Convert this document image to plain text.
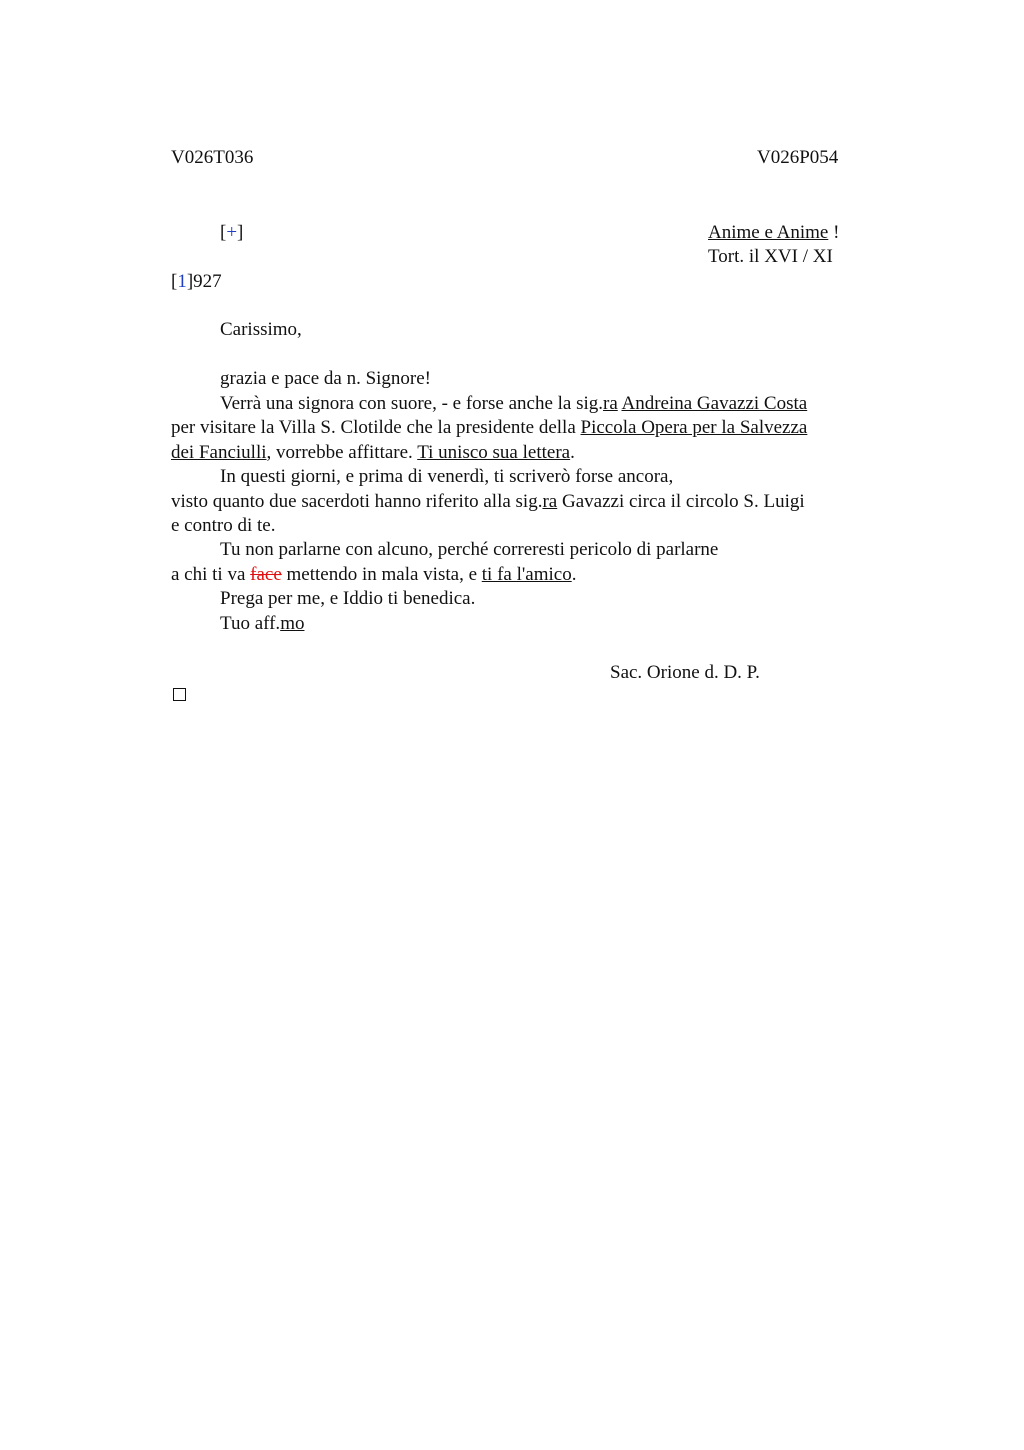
V026T036	V026P054
[+]	Anime e Anime !
Tort. il XVI / XI
[1]927
Carissimo,
grazia e pace da n. Signore!
Verrà una signora con suore, - e forse anche la sig.ra Andreina Gavazzi Costa
per visitare la Villa S. Clotilde che la presidente della Piccola Opera per la Salvezza
dei Fanciulli, vorrebbe affittare. Ti unisco sua lettera.
In questi giorni, e prima di venerdì, ti scriverò forse ancora,
visto quanto due sacerdoti hanno riferito alla sig.ra Gavazzi circa il circolo S. Luigi
e contro di te.
Tu non parlarne con alcuno, perché correresti pericolo di parlarne
a chi ti va face mettendo in mala vista, e ti fa l'amico.
Prega per me, e Iddio ti benedica.
Tuo aff.mo
Sac. Orione d. D. P.
